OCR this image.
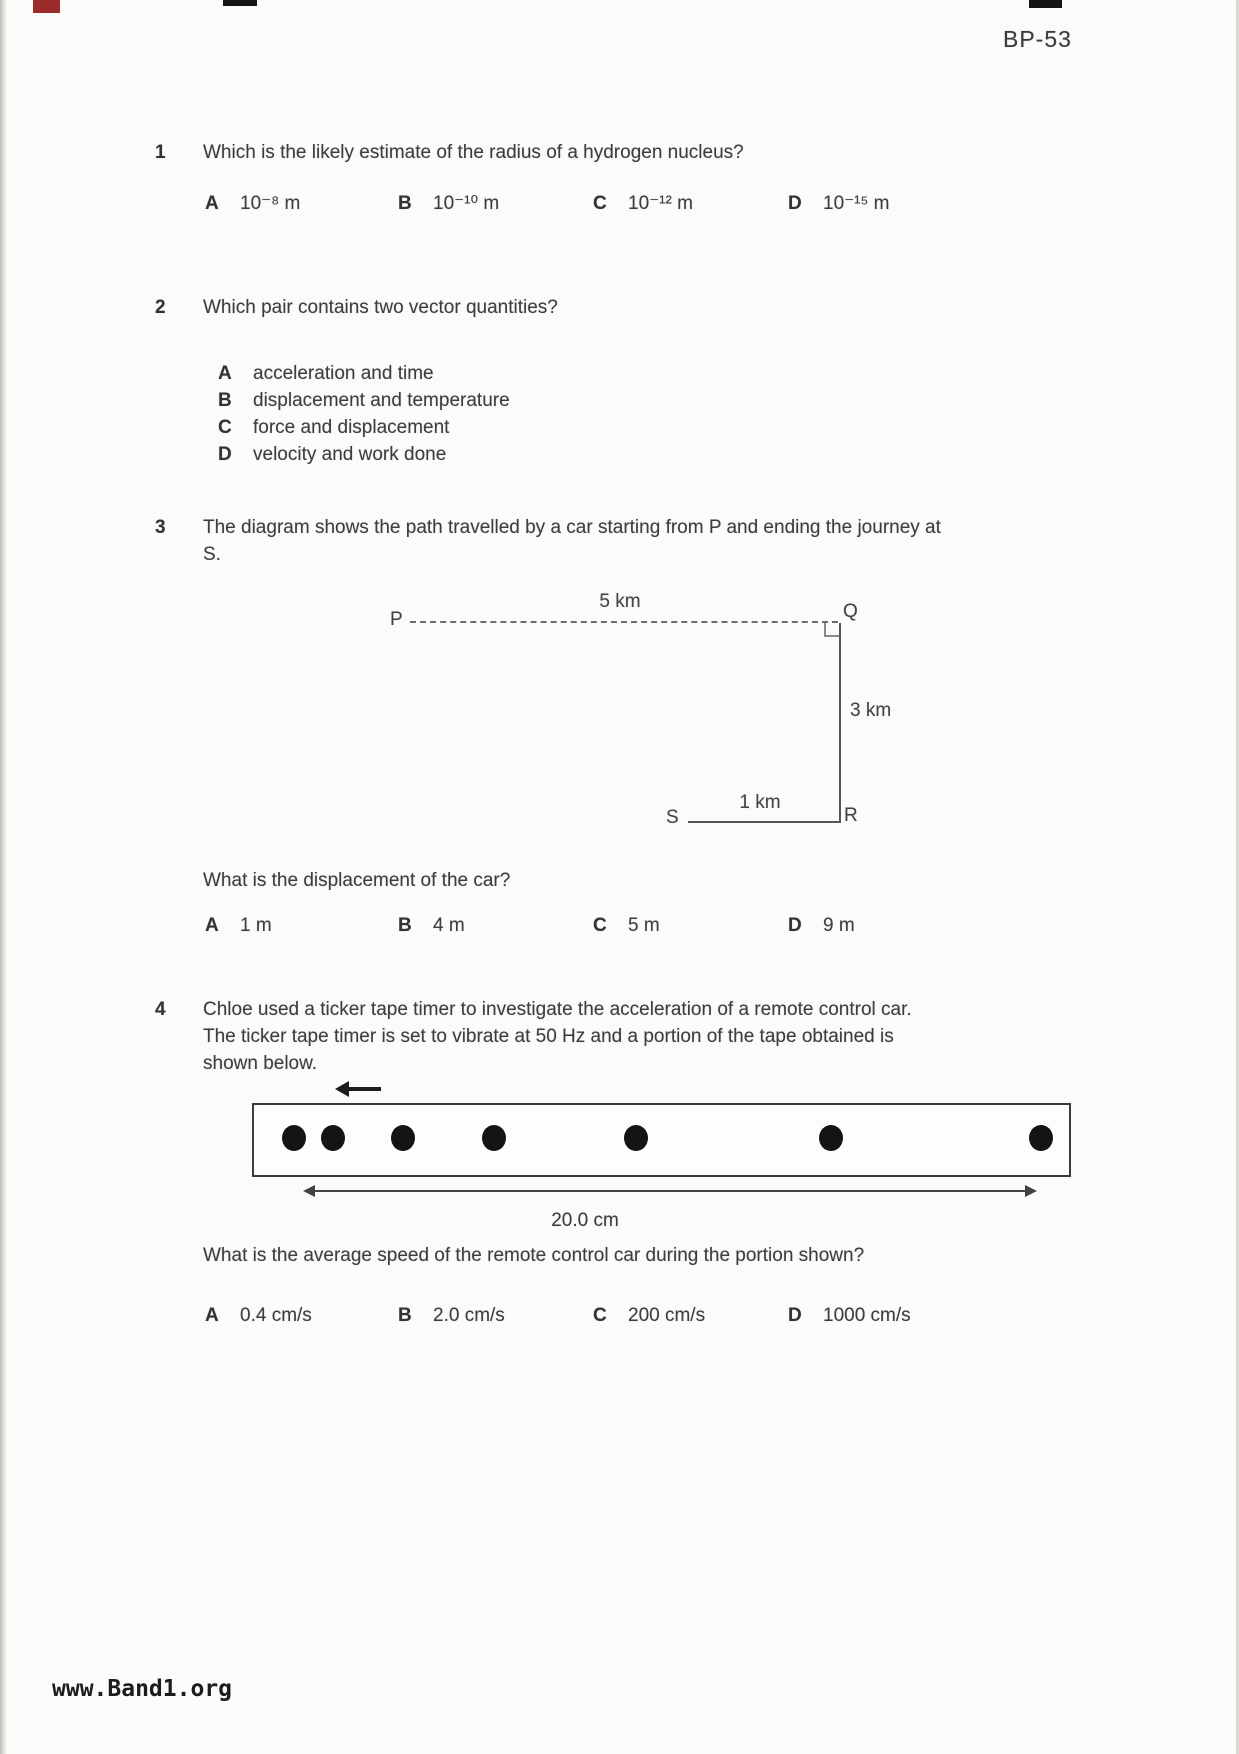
BP-53
1 Which is the likely estimate of the radius of a hydrogen nucleus?
A 10⁻⁸ m	B 10⁻¹⁰ m	C 10⁻¹² m	D 10⁻¹⁵ m
2 Which pair contains two vector quantities?
A acceleration and time
B displacement and temperature
C force and displacement
D velocity and work done
3 The diagram shows the path travelled by a car starting from P and ending the journey at
S.
P
5 km	Q
3 km
S
1 km
R
What is the displacement of the car?
A 1 m	B 4 m	C 5 m	D 9 m
4 Chloe used a ticker tape timer to investigate the acceleration of a remote control car.
The ticker tape timer is set to vibrate at 50 Hz and a portion of the tape obtained is
shown below.
20.0 cm
What is the average speed of the remote control car during the portion shown?
A 0.4 cm/s	B 2.0 cm/s	C 200 cm/s	D 1000 cm/s
www.Band1.org
